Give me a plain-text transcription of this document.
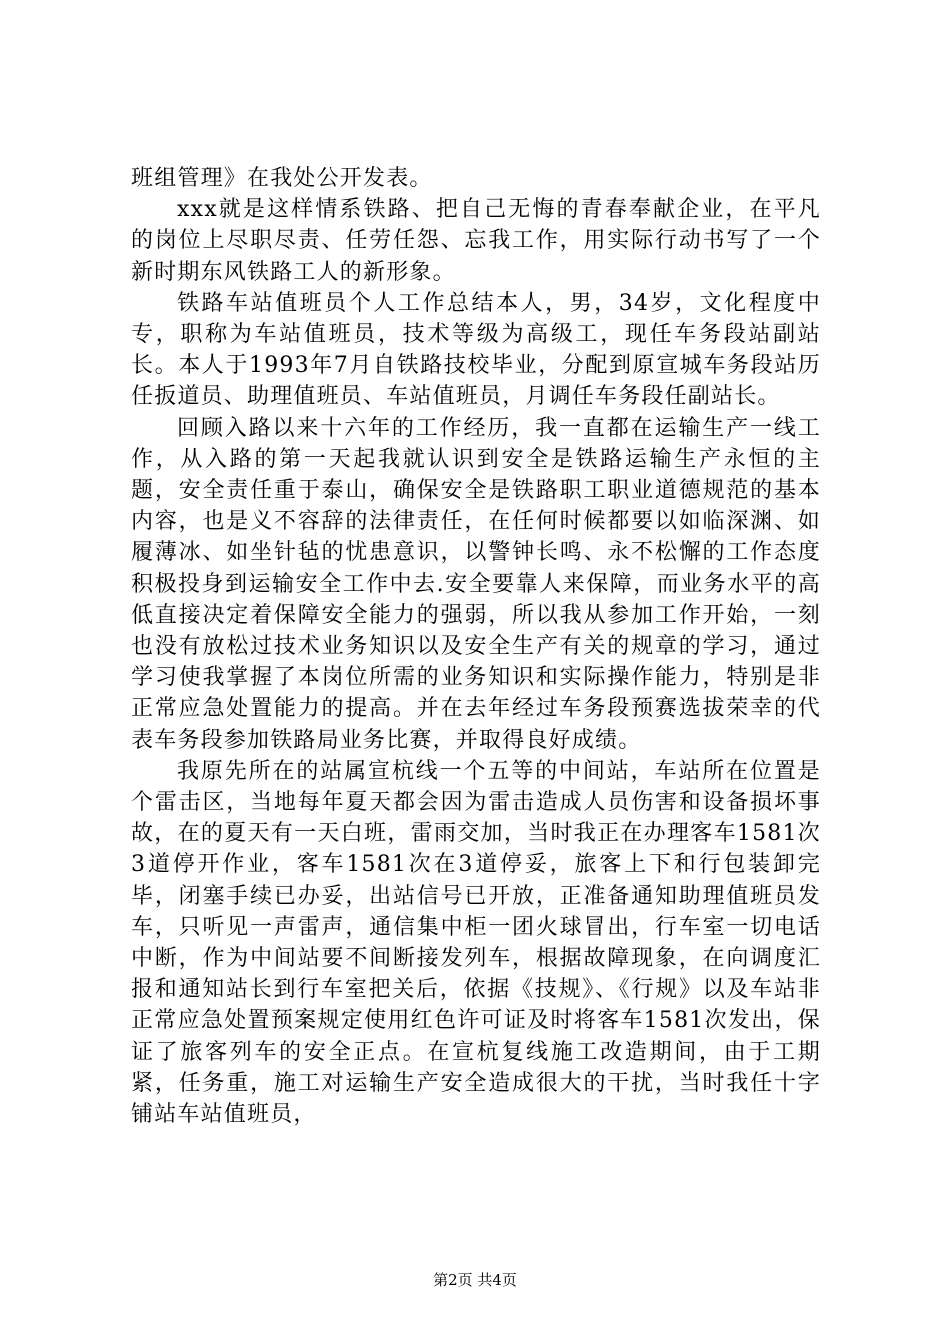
班组管理》在我处公开发表。

xxx就是这样情系铁路、把自己无悔的青春奉献企业，在平凡的岗位上尽职尽责、任劳任怨、忘我工作，用实际行动书写了一个新时期东风铁路工人的新形象。

铁路车站值班员个人工作总结本人，男，34岁，文化程度中专，职称为车站值班员，技术等级为高级工，现任车务段站副站长。本人于1993年7月自铁路技校毕业，分配到原宣城车务段站历任扳道员、助理值班员、车站值班员，月调任车务段任副站长。

回顾入路以来十六年的工作经历，我一直都在运输生产一线工作，从入路的第一天起我就认识到安全是铁路运输生产永恒的主题，安全责任重于泰山，确保安全是铁路职工职业道德规范的基本内容，也是义不容辞的法律责任，在任何时候都要以如临深渊、如履薄冰、如坐针毡的忧患意识，以警钟长鸣、永不松懈的工作态度积极投身到运输安全工作中去.安全要靠人来保障，而业务水平的高低直接决定着保障安全能力的强弱，所以我从参加工作开始，一刻也没有放松过技术业务知识以及安全生产有关的规章的学习，通过学习使我掌握了本岗位所需的业务知识和实际操作能力，特别是非正常应急处置能力的提高。并在去年经过车务段预赛选拔荣幸的代表车务段参加铁路局业务比赛，并取得良好成绩。

我原先所在的站属宣杭线一个五等的中间站，车站所在位置是个雷击区，当地每年夏天都会因为雷击造成人员伤害和设备损坏事故，在的夏天有一天白班，雷雨交加，当时我正在办理客车1581次3道停开作业，客车1581次在3道停妥，旅客上下和行包装卸完毕，闭塞手续已办妥，出站信号已开放，正准备通知助理值班员发车，只听见一声雷声，通信集中柜一团火球冒出，行车室一切电话中断，作为中间站要不间断接发列车，根据故障现象，在向调度汇报和通知站长到行车室把关后，依据《技规》、《行规》以及车站非正常应急处置预案规定使用红色许可证及时将客车1581次发出，保证了旅客列车的安全正点。在宣杭复线施工改造期间，由于工期紧，任务重，施工对运输生产安全造成很大的干扰，当时我任十字铺站车站值班员，

第2页 共4页
